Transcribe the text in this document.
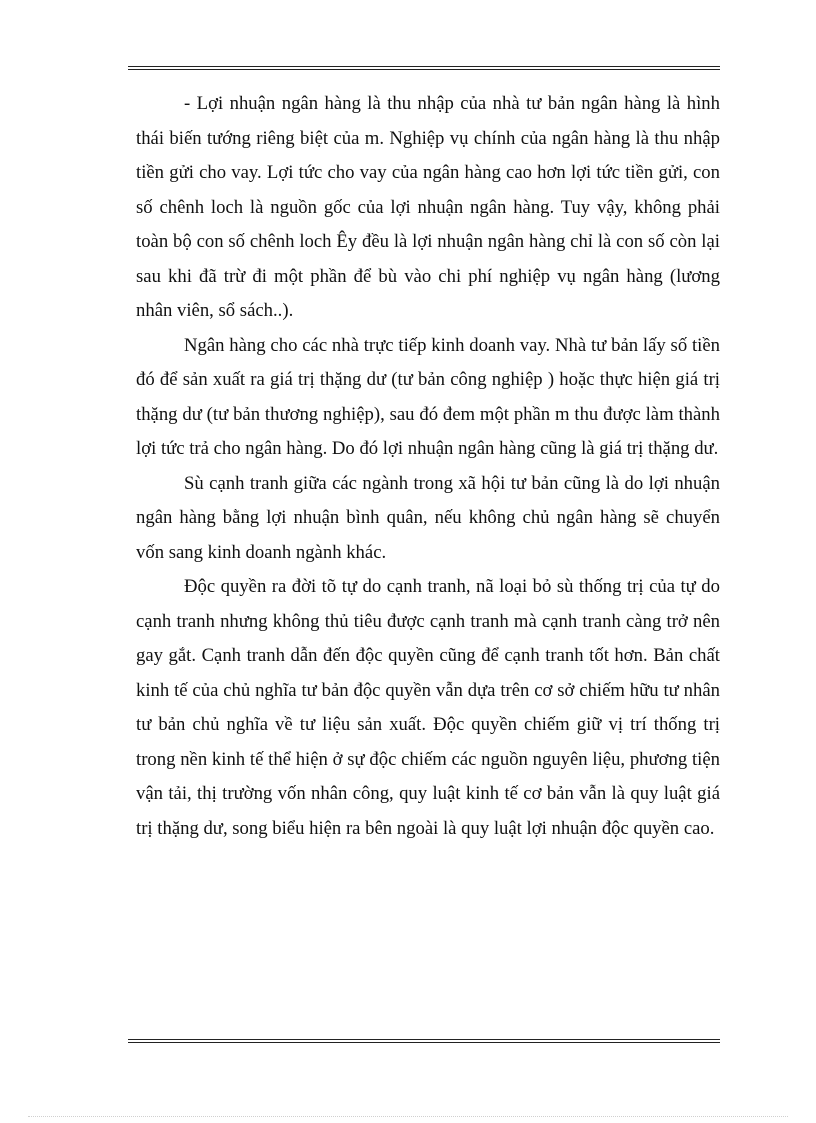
- Lợi nhuận ngân hàng là thu nhập của nhà tư bản ngân hàng là hình thái biến tướng riêng biệt của m. Nghiệp vụ chính của ngân hàng là thu nhập tiền gửi cho vay. Lợi tức cho vay của ngân hàng cao hơn lợi tức tiền gửi, con số chênh loch là nguồn gốc của lợi nhuận ngân hàng. Tuy vậy, không phải toàn bộ con số chênh loch Êy đều là lợi nhuận ngân hàng chỉ là con số còn lại sau khi đã trừ đi một phần để bù vào chi phí nghiệp vụ ngân hàng (lương nhân viên, sổ sách..).

Ngân hàng cho các nhà trực tiếp kinh doanh vay. Nhà tư bản lấy số tiền đó để sản xuất ra giá trị thặng dư (tư bản công nghiệp ) hoặc thực hiện giá trị thặng dư (tư bản thương nghiệp), sau đó đem một phần m thu được làm thành lợi tức trả cho ngân hàng. Do đó lợi nhuận ngân hàng cũng là giá trị thặng dư.

Sù cạnh tranh giữa các ngành trong xã hội tư bản cũng là do lợi nhuận ngân hàng bằng lợi nhuận bình quân, nếu không chủ ngân hàng sẽ chuyển vốn sang kinh doanh ngành khác.

Độc quyền ra đời tõ tự do cạnh tranh, nã loại bỏ sù thống trị của tự do cạnh tranh nhưng không thủ tiêu được cạnh tranh mà cạnh tranh càng trở nên gay gắt. Cạnh tranh dẫn đến độc quyền cũng để cạnh tranh tốt hơn. Bản chất kinh tế của chủ nghĩa tư bản độc quyền vẫn dựa trên cơ sở chiếm hữu tư nhân tư bản chủ nghĩa về tư liệu sản xuất. Độc quyền chiếm giữ vị trí thống trị trong nền kinh tế thể hiện ở sự độc chiếm các nguồn nguyên liệu, phương tiện vận tải, thị trường vốn nhân công, quy luật kinh tế cơ bản vẫn là quy luật giá trị thặng dư, song biểu hiện ra bên ngoài là quy luật lợi nhuận độc quyền cao.
